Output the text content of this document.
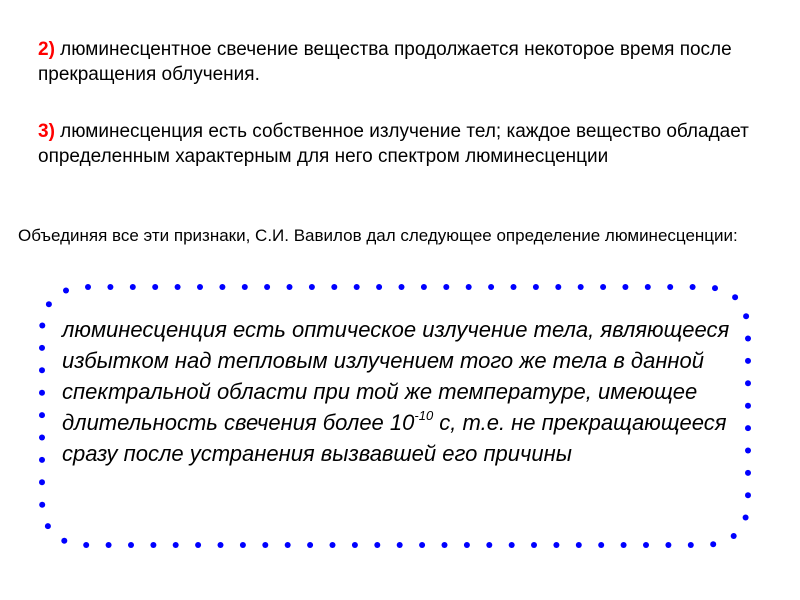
2) люминесцентное свечение вещества продолжается некоторое время после прекращения облучения.

3) люминесценция есть собственное излучение тел; каждое вещество обладает определенным характерным для него спектром люминесценции

Объединяя все эти признаки, С.И. Вавилов дал следующее определение люминесценции:

люминесценция есть оптическое излучение тела, являющееся избытком над тепловым излучением того же тела в данной спектральной области при той же температуре, имеющее длительность свечения более $10^{-10}$ с, т.е. не прекращающееся сразу после устранения вызвавшей его причины
